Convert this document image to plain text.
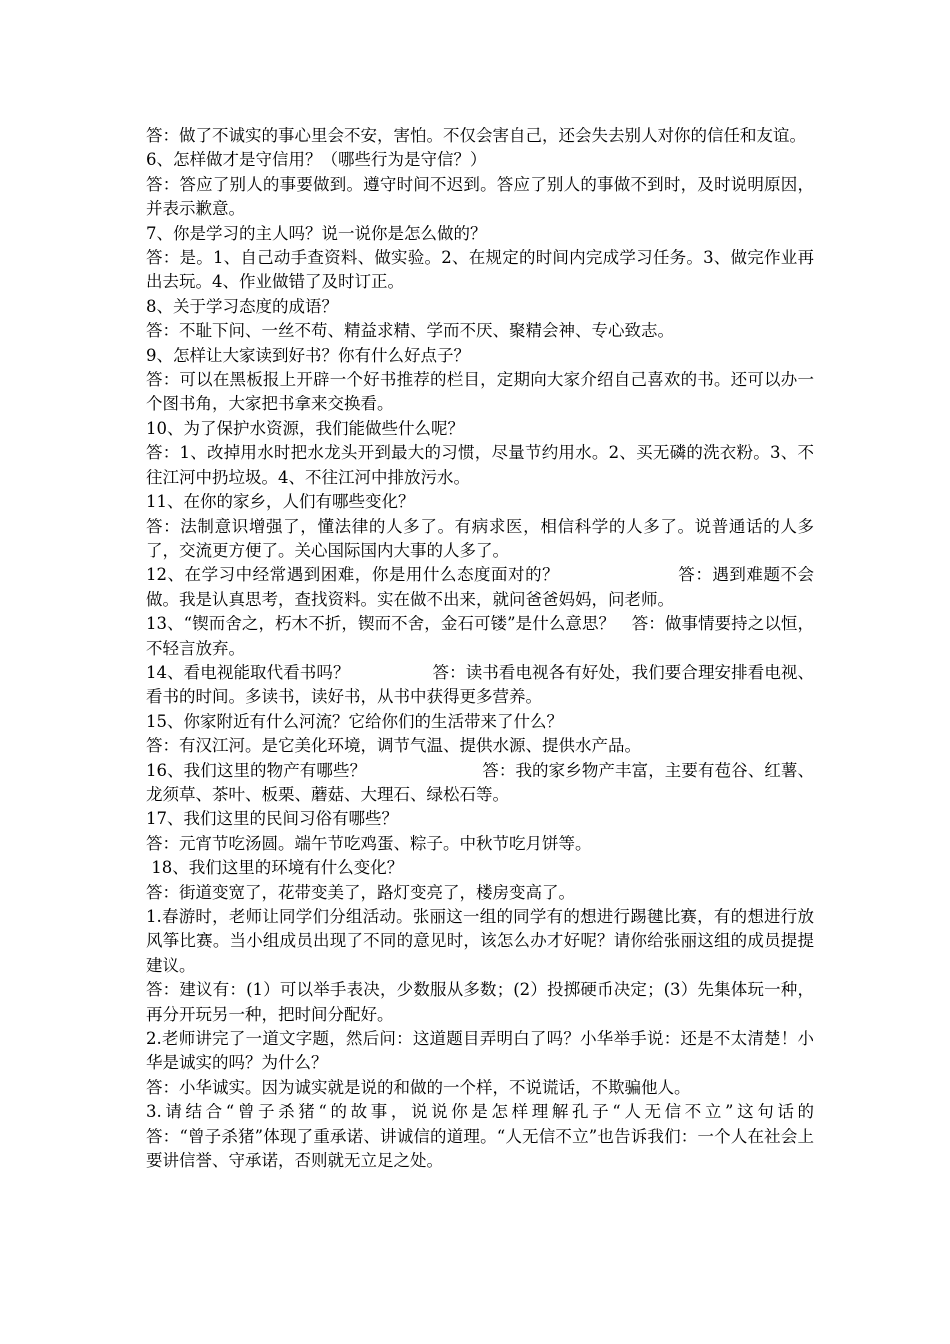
答：做了不诚实的事心里会不安，害怕。不仅会害自己，还会失去别人对你的信任和友谊。

6、怎样做才是守信用？（哪些行为是守信？）

答：答应了别人的事要做到。遵守时间不迟到。答应了别人的事做不到时，及时说明原因，并表示歉意。

7、你是学习的主人吗？说一说你是怎么做的？

答：是。1、自己动手查资料、做实验。2、在规定的时间内完成学习任务。3、做完作业再出去玩。4、作业做错了及时订正。

8、关于学习态度的成语？

答：不耻下问、一丝不苟、精益求精、学而不厌、聚精会神、专心致志。

9、怎样让大家读到好书？你有什么好点子？

答：可以在黑板报上开辟一个好书推荐的栏目，定期向大家介绍自己喜欢的书。还可以办一个图书角，大家把书拿来交换看。

10、为了保护水资源，我们能做些什么呢？

答：1、改掉用水时把水龙头开到最大的习惯，尽量节约用水。2、买无磷的洗衣粉。3、不往江河中扔垃圾。4、不往江河中排放污水。

11、在你的家乡，人们有哪些变化？

答：法制意识增强了，懂法律的人多了。有病求医，相信科学的人多了。说普通话的人多了，交流更方便了。关心国际国内大事的人多了。

12、在学习中经常遇到困难，你是用什么态度面对的？　　　　　　　答：遇到难题不会做。我是认真思考，查找资料。实在做不出来，就问爸爸妈妈，问老师。

13、“锲而舍之，朽木不折，锲而不舍，金石可镂”是什么意思？　答：做事情要持之以恒，不轻言放弃。

14、看电视能取代看书吗？　　　　　答：读书看电视各有好处，我们要合理安排看电视、看书的时间。多读书，读好书，从书中获得更多营养。

15、你家附近有什么河流？它给你们的生活带来了什么？

答：有汉江河。是它美化环境，调节气温、提供水源、提供水产品。

16、我们这里的物产有哪些？　　　　　　　答：我的家乡物产丰富，主要有苞谷、红薯、龙须草、茶叶、板栗、蘑菇、大理石、绿松石等。

17、我们这里的民间习俗有哪些？

答：元宵节吃汤圆。端午节吃鸡蛋、粽子。中秋节吃月饼等。

18、我们这里的环境有什么变化？

答：街道变宽了，花带变美了，路灯变亮了，楼房变高了。

1.春游时，老师让同学们分组活动。张丽这一组的同学有的想进行踢毽比赛，有的想进行放风筝比赛。当小组成员出现了不同的意见时，该怎么办才好呢？请你给张丽这组的成员提提建议。

答：建议有：(1）可以举手表决，少数服从多数；(2）投掷硬币决定；(3）先集体玩一种，再分开玩另一种，把时间分配好。

2.老师讲完了一道文字题，然后问：这道题目弄明白了吗？小华举手说：还是不太清楚！小华是诚实的吗？为什么？

答：小华诚实。因为诚实就是说的和做的一个样，不说谎话，不欺骗他人。

3.请结合“曾子杀猪“的故事，说说你是怎样理解孔子“人无信不立”这句话的　　　　　　　答：“曾子杀猪”体现了重承诺、讲诚信的道理。“人无信不立”也告诉我们：一个人在社会上要讲信誉、守承诺，否则就无立足之处。
